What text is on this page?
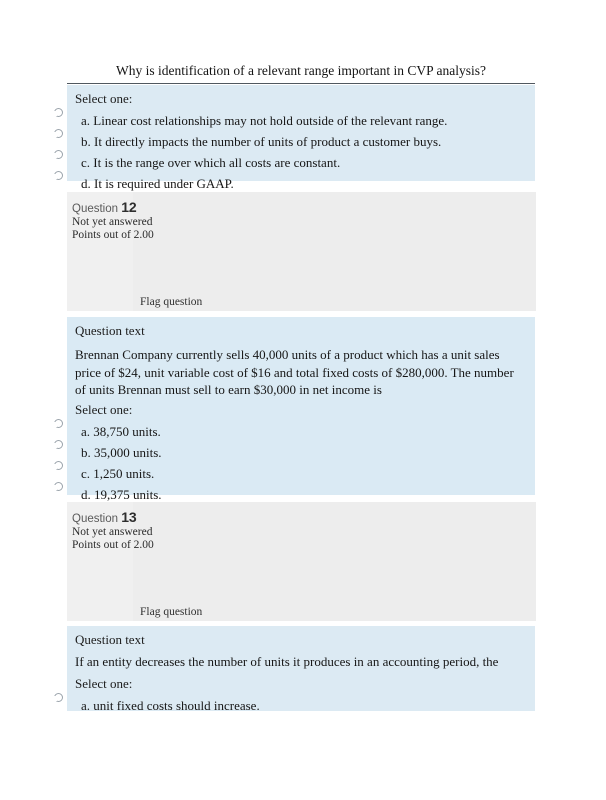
Why is identification of a relevant range important in CVP analysis?
Select one:
a. Linear cost relationships may not hold outside of the relevant range.
b. It directly impacts the number of units of product a customer buys.
c. It is the range over which all costs are constant.
d. It is required under GAAP.
Question 12
Not yet answered
Points out of 2.00
Flag question
Question text
Brennan Company currently sells 40,000 units of a product which has a unit sales price of $24, unit variable cost of $16 and total fixed costs of $280,000. The number of units Brennan must sell to earn $30,000 in net income is
Select one:
a. 38,750 units.
b. 35,000 units.
c. 1,250 units.
d. 19,375 units.
Question 13
Not yet answered
Points out of 2.00
Flag question
Question text
If an entity decreases the number of units it produces in an accounting period, the
Select one:
a. unit fixed costs should increase.
